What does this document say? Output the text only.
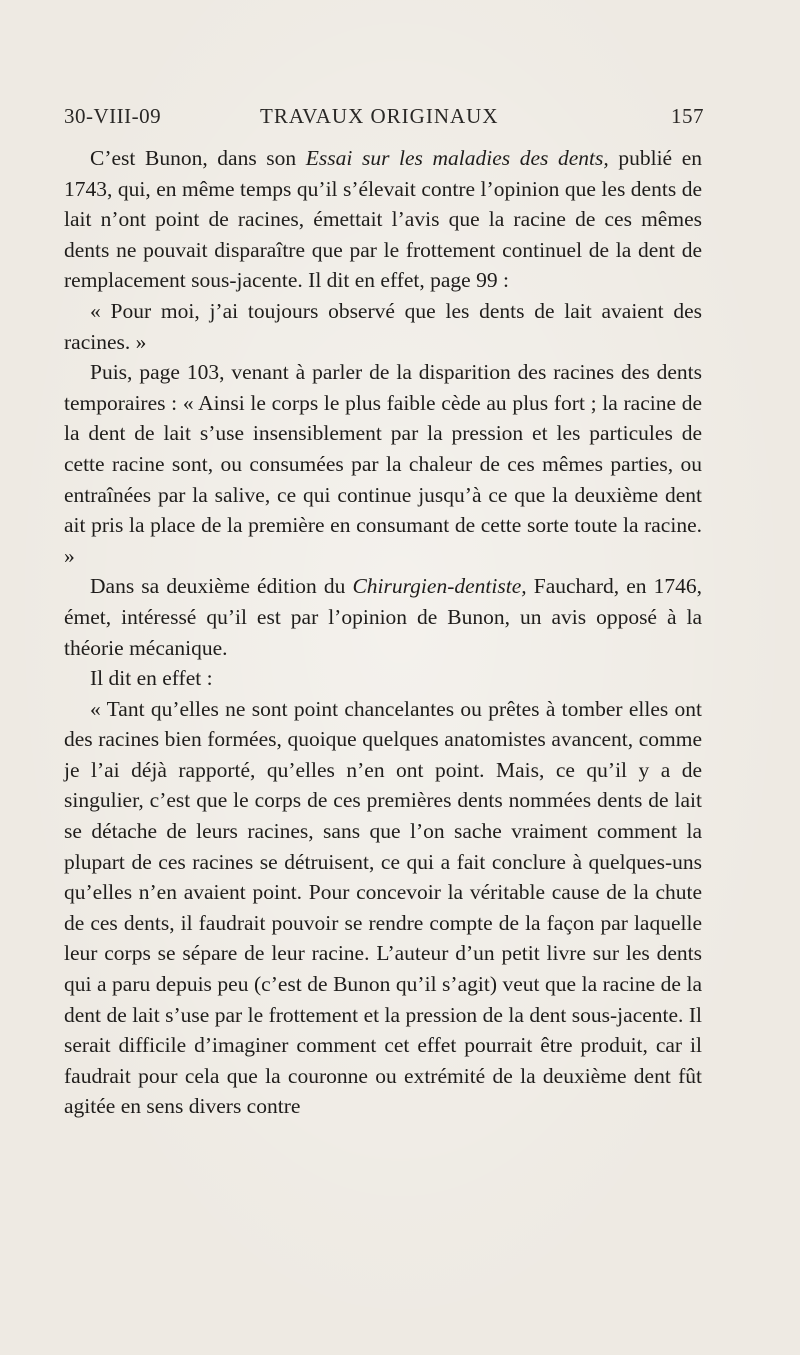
30-VIII-09	TRAVAUX ORIGINAUX	157

C’est Bunon, dans son Essai sur les maladies des dents, publié en 1743, qui, en même temps qu’il s’élevait contre l’opinion que les dents de lait n’ont point de racines, émettait l’avis que la racine de ces mêmes dents ne pouvait disparaître que par le frottement continuel de la dent de remplacement sous-jacente. Il dit en effet, page 99 :

« Pour moi, j’ai toujours observé que les dents de lait avaient des racines. »

Puis, page 103, venant à parler de la disparition des racines des dents temporaires : « Ainsi le corps le plus faible cède au plus fort ; la racine de la dent de lait s’use insensiblement par la pression et les particules de cette racine sont, ou consumées par la chaleur de ces mêmes parties, ou entraînées par la salive, ce qui continue jusqu’à ce que la deuxième dent ait pris la place de la première en consumant de cette sorte toute la racine. »

Dans sa deuxième édition du Chirurgien-dentiste, Fauchard, en 1746, émet, intéressé qu’il est par l’opinion de Bunon, un avis opposé à la théorie mécanique.

Il dit en effet :

« Tant qu’elles ne sont point chancelantes ou prêtes à tomber elles ont des racines bien formées, quoique quelques anatomistes avancent, comme je l’ai déjà rapporté, qu’elles n’en ont point. Mais, ce qu’il y a de singulier, c’est que le corps de ces premières dents nommées dents de lait se détache de leurs racines, sans que l’on sache vraiment comment la plupart de ces racines se détruisent, ce qui a fait conclure à quelques-uns qu’elles n’en avaient point. Pour concevoir la véritable cause de la chute de ces dents, il faudrait pouvoir se rendre compte de la façon par laquelle leur corps se sépare de leur racine. L’auteur d’un petit livre sur les dents qui a paru depuis peu (c’est de Bunon qu’il s’agit) veut que la racine de la dent de lait s’use par le frottement et la pression de la dent sous-jacente. Il serait difficile d’imaginer comment cet effet pourrait être produit, car il faudrait pour cela que la couronne ou extrémité de la deuxième dent fût agitée en sens divers contre
